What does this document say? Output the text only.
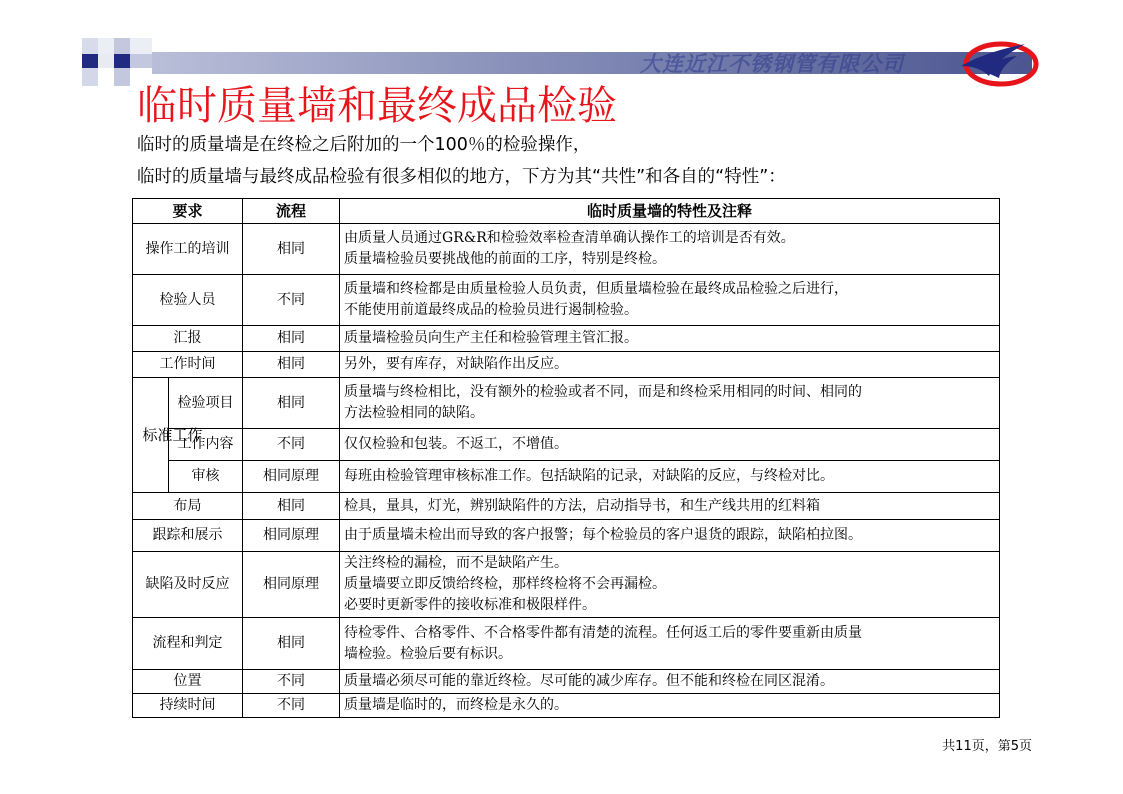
大连近江不锈钢管有限公司
临时质量墙和最终成品检验
临时的质量墙是在终检之后附加的一个100％的检验操作，
临时的质量墙与最终成品检验有很多相似的地方，下方为其“共性”和各自的“特性”：
要求		流程	临时质量墙的特性及注释
操作工的培训		相同	由质量人员通过GR&R和检验效率检查清单确认操作工的培训是否有效。
质量墙检验员要挑战他的前面的工序，特别是终检。

检验人员		不同	质量墙和终检都是由质量检验人员负责，但质量墙检验在最终成品检验之后进行，
不能使用前道最终成品的检验员进行遏制检验。

汇报		相同	质量墙检验员向生产主任和检验管理主管汇报。

工作时间		相同	另外，要有库存，对缺陷作出反应。

标准工作	检验项目	相同	质量墙与终检相比，没有额外的检验或者不同，而是和终检采用相同的时间、相同的
方法检验相同的缺陷。

	工作内容	不同	仅仅检验和包装。不返工，不增值。

	审核	相同原理	每班由检验管理审核标准工作。包括缺陷的记录，对缺陷的反应，与终检对比。

布局		相同	检具，量具，灯光，辨别缺陷件的方法，启动指导书，和生产线共用的红料箱

跟踪和展示		相同原理	由于质量墙未检出而导致的客户报警；每个检验员的客户退货的跟踪，缺陷柏拉图。

缺陷及时反应		相同原理	关注终检的漏检，而不是缺陷产生。
质量墙要立即反馈给终检，那样终检将不会再漏检。
必要时更新零件的接收标准和极限样件。

流程和判定		相同	待检零件、合格零件、不合格零件都有清楚的流程。任何返工后的零件要重新由质量
墙检验。检验后要有标识。

位置		不同	质量墙必须尽可能的靠近终检。尽可能的减少库存。但不能和终检在同区混淆。

持续时间		不同	质量墙是临时的，而终检是永久的。
共11页，第5页
